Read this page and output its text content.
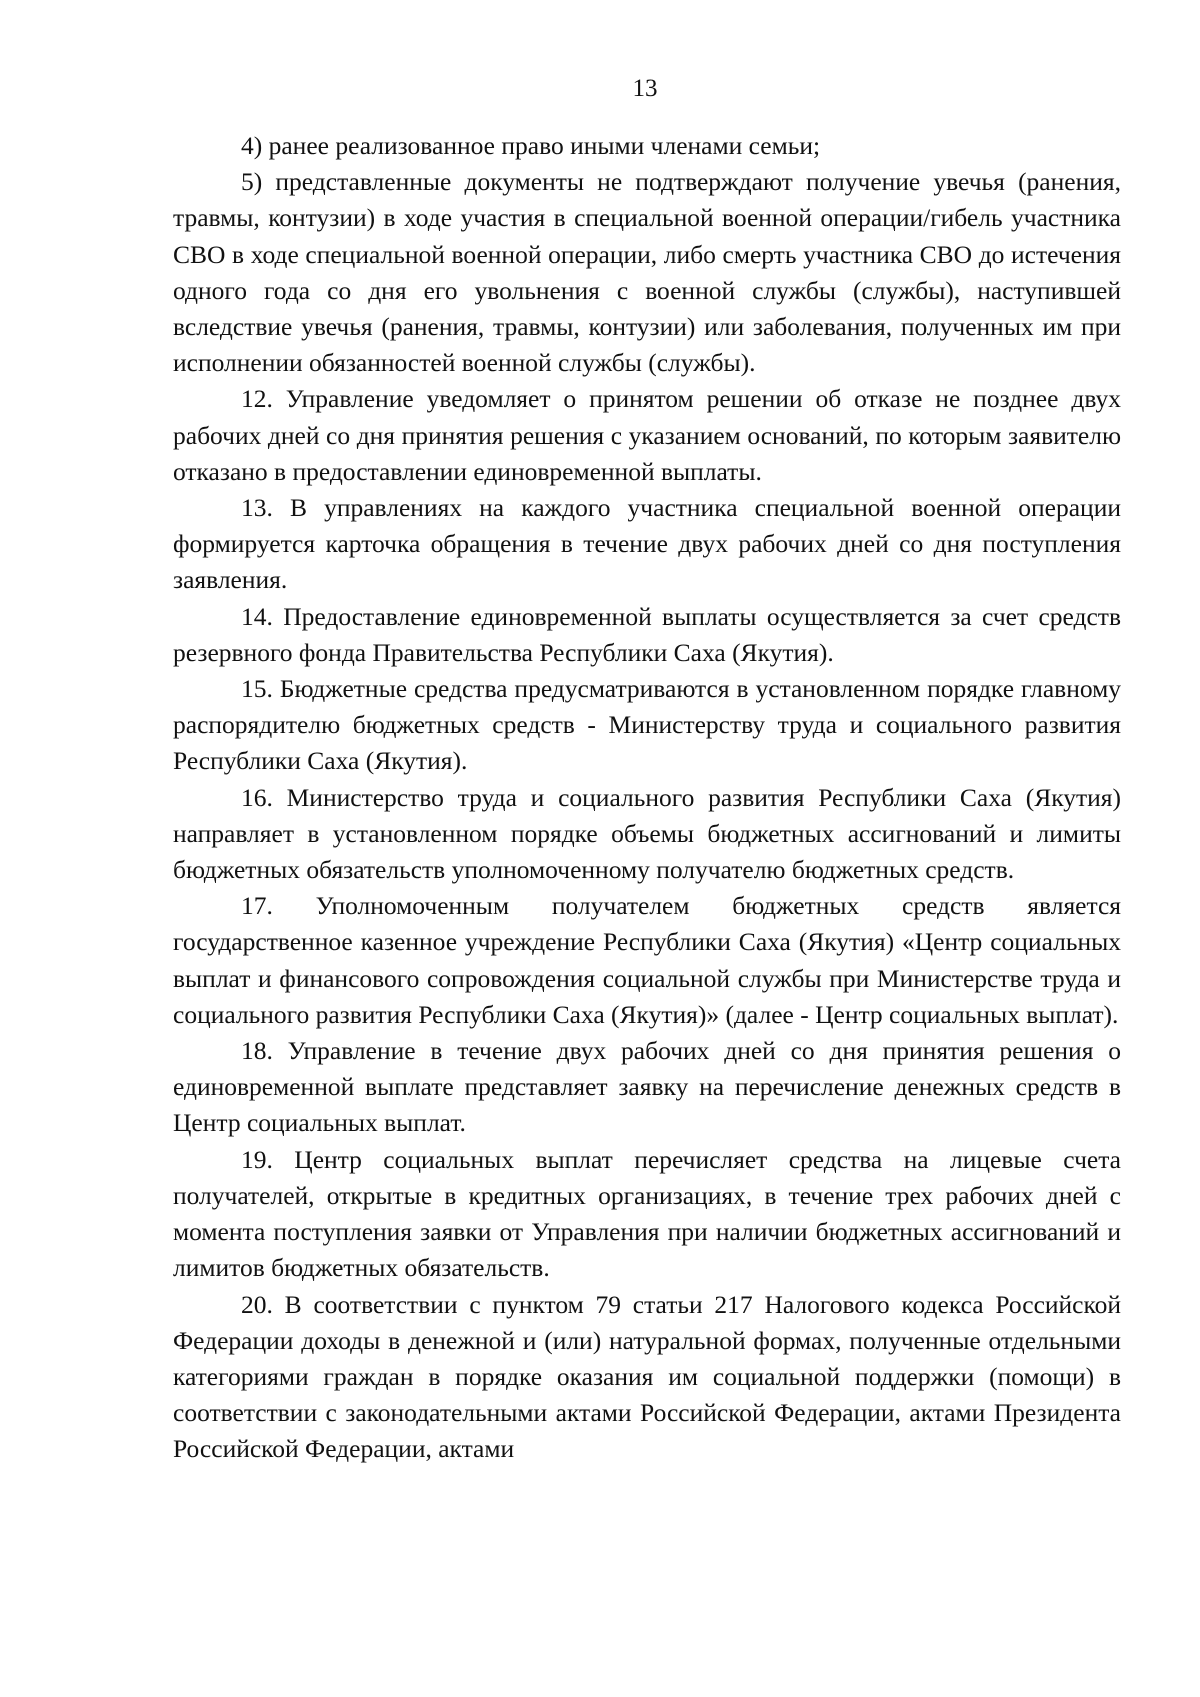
13

4) ранее реализованное право иными членами семьи;

5) представленные документы не подтверждают получение увечья (ранения, травмы, контузии) в ходе участия в специальной военной операции/гибель участника СВО в ходе специальной военной операции, либо смерть участника СВО до истечения одного года со дня его увольнения с военной службы (службы), наступившей вследствие увечья (ранения, травмы, контузии) или заболевания, полученных им при исполнении обязанностей военной службы (службы).

12. Управление уведомляет о принятом решении об отказе не позднее двух рабочих дней со дня принятия решения с указанием оснований, по которым заявителю отказано в предоставлении единовременной выплаты.

13. В управлениях на каждого участника специальной военной операции формируется карточка обращения в течение двух рабочих дней со дня поступления заявления.

14. Предоставление единовременной выплаты осуществляется за счет средств резервного фонда Правительства Республики Саха (Якутия).

15. Бюджетные средства предусматриваются в установленном порядке главному распорядителю бюджетных средств - Министерству труда и социального развития Республики Саха (Якутия).

16. Министерство труда и социального развития Республики Саха (Якутия) направляет в установленном порядке объемы бюджетных ассигнований и лимиты бюджетных обязательств уполномоченному получателю бюджетных средств.

17. Уполномоченным получателем бюджетных средств является государственное казенное учреждение Республики Саха (Якутия) «Центр социальных выплат и финансового сопровождения социальной службы при Министерстве труда и социального развития Республики Саха (Якутия)» (далее - Центр социальных выплат).

18. Управление в течение двух рабочих дней со дня принятия решения о единовременной выплате представляет заявку на перечисление денежных средств в Центр социальных выплат.

19. Центр социальных выплат перечисляет средства на лицевые счета получателей, открытые в кредитных организациях, в течение трех рабочих дней с момента поступления заявки от Управления при наличии бюджетных ассигнований и лимитов бюджетных обязательств.

20. В соответствии с пунктом 79 статьи 217 Налогового кодекса Российской Федерации доходы в денежной и (или) натуральной формах, полученные отдельными категориями граждан в порядке оказания им социальной поддержки (помощи) в соответствии с законодательными актами Российской Федерации, актами Президента Российской Федерации, актами
